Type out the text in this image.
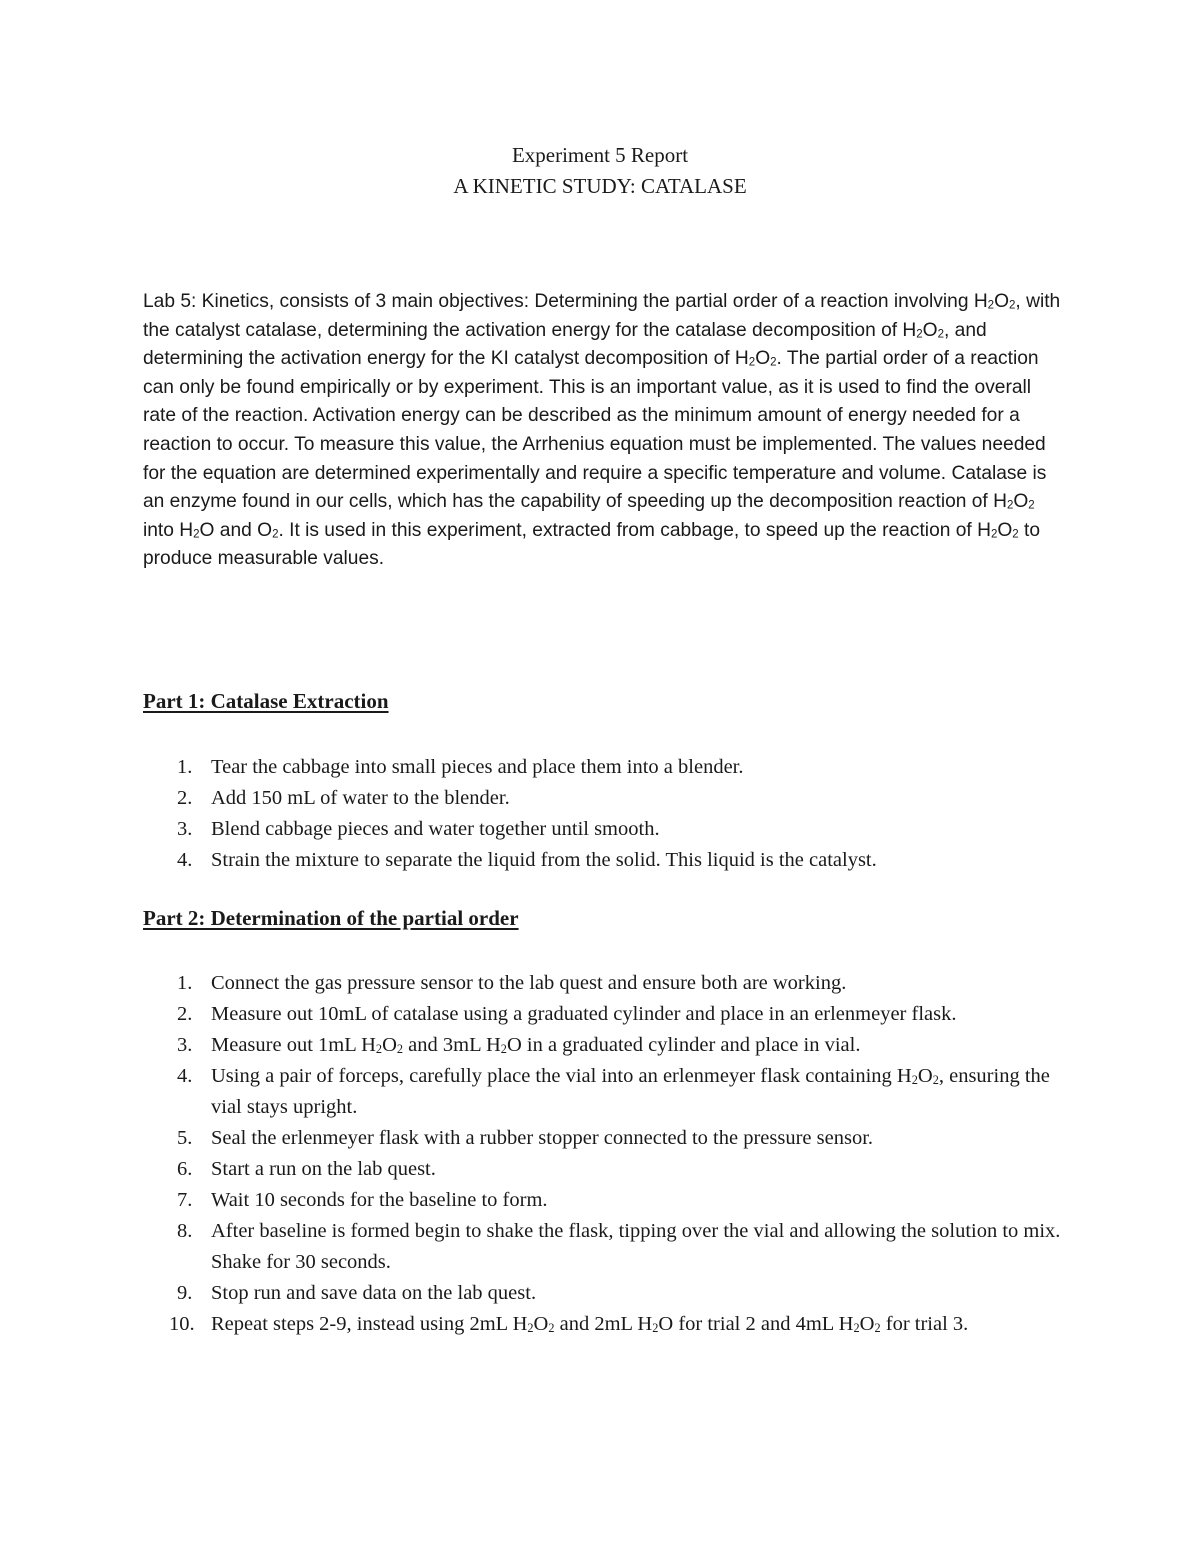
Experiment 5 Report
A KINETIC STUDY: CATALASE

Lab 5: Kinetics, consists of 3 main objectives: Determining the partial order of a reaction involving $H_2O_2$, with the catalyst catalase, determining the activation energy for the catalase decomposition of $H_2O_2$, and determining the activation energy for the KI catalyst decomposition of $H_2O_2$. The partial order of a reaction can only be found empirically or by experiment. This is an important value, as it is used to find the overall rate of the reaction. Activation energy can be described as the minimum amount of energy needed for a reaction to occur. To measure this value, the Arrhenius equation must be implemented. The values needed for the equation are determined experimentally and require a specific temperature and volume. Catalase is an enzyme found in our cells, which has the capability of speeding up the decomposition reaction of $H_2O_2$ into $H_2O$ and $O_2$. It is used in this experiment, extracted from cabbage, to speed up the reaction of $H_2O_2$ to produce measurable values.

Part 1: Catalase Extraction
1. Tear the cabbage into small pieces and place them into a blender.
2. Add 150 mL of water to the blender.
3. Blend cabbage pieces and water together until smooth.
4. Strain the mixture to separate the liquid from the solid. This liquid is the catalyst.
Part 2: Determination of the partial order
1. Connect the gas pressure sensor to the lab quest and ensure both are working.
2. Measure out 10mL of catalase using a graduated cylinder and place in an erlenmeyer flask.
3. Measure out 1mL $H_2O_2$ and 3mL $H_2O$ in a graduated cylinder and place in vial.
4. Using a pair of forceps, carefully place the vial into an erlenmeyer flask containing $H_2O_2$, ensuring the vial stays upright.
5. Seal the erlenmeyer flask with a rubber stopper connected to the pressure sensor.
6. Start a run on the lab quest.
7. Wait 10 seconds for the baseline to form.
8. After baseline is formed begin to shake the flask, tipping over the vial and allowing the solution to mix. Shake for 30 seconds.
9. Stop run and save data on the lab quest.
10. Repeat steps 2-9, instead using 2mL $H_2O_2$ and 2mL $H_2O$ for trial 2 and 4mL $H_2O_2$ for trial 3.
